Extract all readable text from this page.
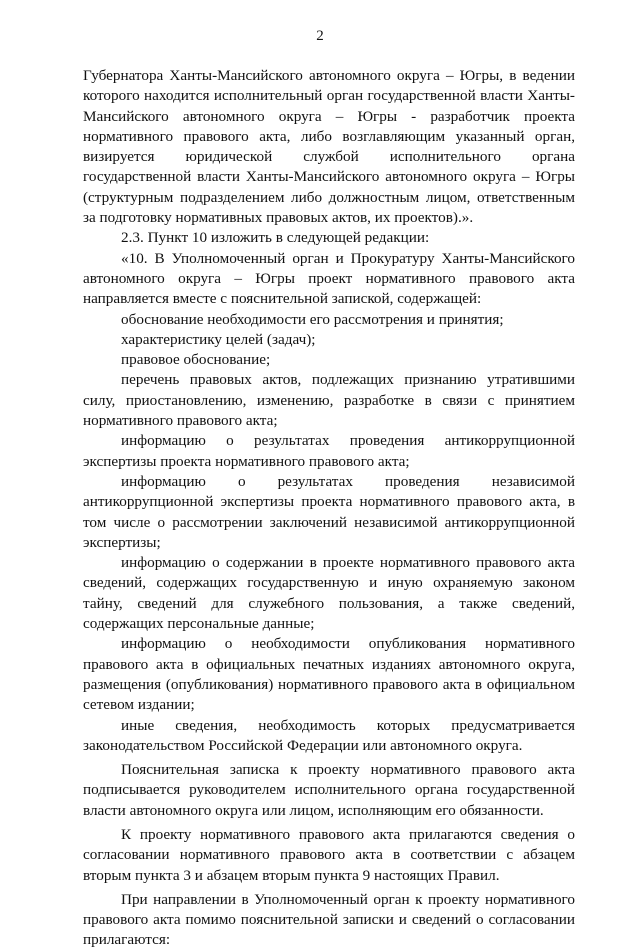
2

Губернатора Ханты-Мансийского автономного округа – Югры, в ведении которого находится исполнительный орган государственной власти Ханты-Мансийского автономного округа – Югры - разработчик проекта нормативного правового акта, либо возглавляющим указанный орган, визируется юридической службой исполнительного органа государственной власти Ханты-Мансийского автономного округа – Югры (структурным подразделением либо должностным лицом, ответственным за подготовку нормативных правовых актов, их проектов).».

2.3. Пункт 10 изложить в следующей редакции:

«10. В Уполномоченный орган и Прокуратуру Ханты-Мансийского автономного округа – Югры проект нормативного правового акта направляется вместе с пояснительной запиской, содержащей:

обоснование необходимости его рассмотрения и принятия;

характеристику целей (задач);

правовое обоснование;

перечень правовых актов, подлежащих признанию утратившими силу, приостановлению, изменению, разработке в связи с принятием нормативного правового акта;

информацию о результатах проведения антикоррупционной экспертизы проекта нормативного правового акта;

информацию о результатах проведения независимой антикоррупционной экспертизы проекта нормативного правового акта, в том числе о рассмотрении заключений независимой антикоррупционной экспертизы;

информацию о содержании в проекте нормативного правового акта сведений, содержащих государственную и иную охраняемую законом тайну, сведений для служебного пользования, а также сведений, содержащих персональные данные;

информацию о необходимости опубликования нормативного правового акта в официальных печатных изданиях автономного округа, размещения (опубликования) нормативного правового акта в официальном сетевом издании;

иные сведения, необходимость которых предусматривается законодательством Российской Федерации или автономного округа.

Пояснительная записка к проекту нормативного правового акта подписывается руководителем исполнительного органа государственной власти автономного округа или лицом, исполняющим его обязанности.

К проекту нормативного правового акта прилагаются сведения о согласовании нормативного правового акта в соответствии с абзацем вторым пункта 3 и абзацем вторым пункта 9 настоящих Правил.

При направлении в Уполномоченный орган к проекту нормативного правового акта помимо пояснительной записки и сведений о согласовании прилагаются:
